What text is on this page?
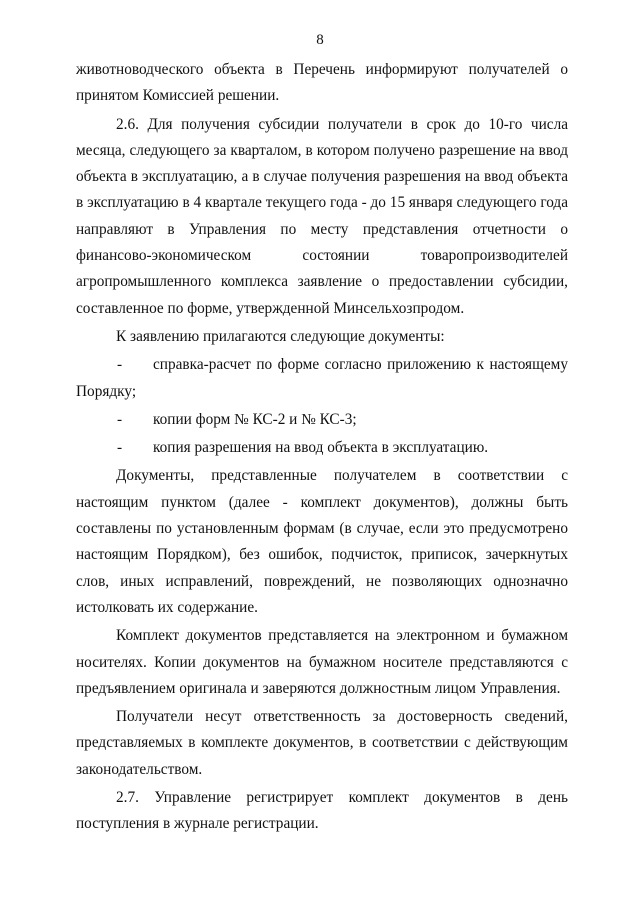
8

животноводческого объекта в Перечень информируют получателей о принятом Комиссией решении.

2.6. Для получения субсидии получатели в срок до 10-го числа месяца, следующего за кварталом, в котором получено разрешение на ввод объекта в эксплуатацию, а в случае получения разрешения на ввод объекта в эксплуатацию в 4 квартале текущего года - до 15 января следующего года направляют в Управления по месту представления отчетности о финансово-экономическом состоянии товаропроизводителей агропромышленного комплекса заявление о предоставлении субсидии, составленное по форме, утвержденной Минсельхозпродом.

К заявлению прилагаются следующие документы:

- справка-расчет по форме согласно приложению к настоящему Порядку;

- копии форм № КС-2 и № КС-3;

- копия разрешения на ввод объекта в эксплуатацию.

Документы, представленные получателем в соответствии с настоящим пунктом (далее - комплект документов), должны быть составлены по установленным формам (в случае, если это предусмотрено настоящим Порядком), без ошибок, подчисток, приписок, зачеркнутых слов, иных исправлений, повреждений, не позволяющих однозначно истолковать их содержание.

Комплект документов представляется на электронном и бумажном носителях. Копии документов на бумажном носителе представляются с предъявлением оригинала и заверяются должностным лицом Управления.

Получатели несут ответственность за достоверность сведений, представляемых в комплекте документов, в соответствии с действующим законодательством.

2.7. Управление регистрирует комплект документов в день поступления в журнале регистрации.
